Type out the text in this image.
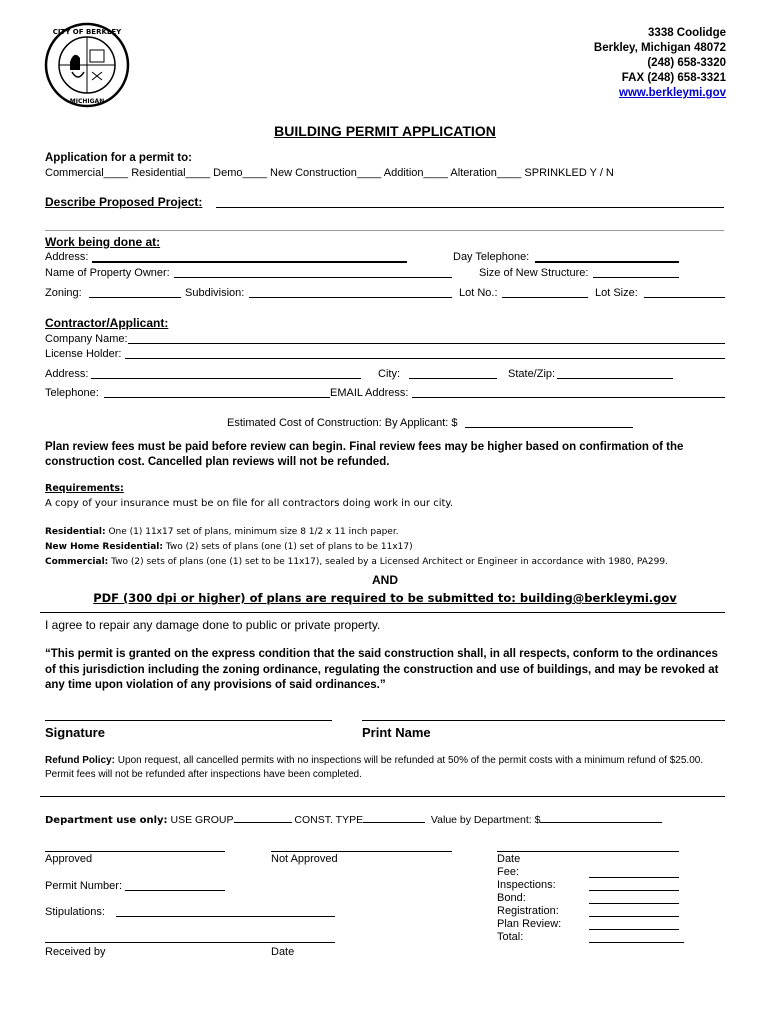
CITY OF BERKLEY
MICHIGAN
3338 Coolidge
Berkley, Michigan 48072
(248) 658-3320
FAX (248) 658-3321
www.berkleymi.gov
BUILDING PERMIT APPLICATION
Application for a permit to:
Commercial____ Residential____ Demo____ New Construction____ Addition____ Alteration____ SPRINKLED Y / N
Describe Proposed Project:
Work being done at:
Address:	Day Telephone:
Name of Property Owner:	Size of New Structure:
Zoning:	Subdivision:	Lot No.:	Lot Size:
Contractor/Applicant:
Company Name:
License Holder:
Address:	City:	State/Zip:
Telephone:	EMAIL Address:
Estimated Cost of Construction: By Applicant: $
Plan review fees must be paid before review can begin. Final review fees may be higher based on confirmation of the construction cost. Cancelled plan reviews will not be refunded.
Requirements:
A copy of your insurance must be on file for all contractors doing work in our city.
Residential: One (1) 11x17 set of plans, minimum size 8 1/2 x 11 inch paper.
New Home Residential: Two (2) sets of plans (one (1) set of plans to be 11x17)
Commercial: Two (2) sets of plans (one (1) set to be 11x17), sealed by a Licensed Architect or Engineer in accordance with 1980, PA299.
AND
PDF (300 dpi or higher) of plans are required to be submitted to: building@berkleymi.gov
I agree to repair any damage done to public or private property.
“This permit is granted on the express condition that the said construction shall, in all respects, conform to the ordinances of this jurisdiction including the zoning ordinance, regulating the construction and use of buildings, and may be revoked at any time upon violation of any provisions of said ordinances.”
Signature	Print Name
Refund Policy: Upon request, all cancelled permits with no inspections will be refunded at 50% of the permit costs with a minimum refund of $25.00. Permit fees will not be refunded after inspections have been completed.
Department use only: USE GROUP	CONST. TYPE	Value by Department: $
Approved	Not Approved
Permit Number:
Stipulations:
Received by	Date
Date
Fee:
Inspections:
Bond:
Registration:
Plan Review:
Total:
